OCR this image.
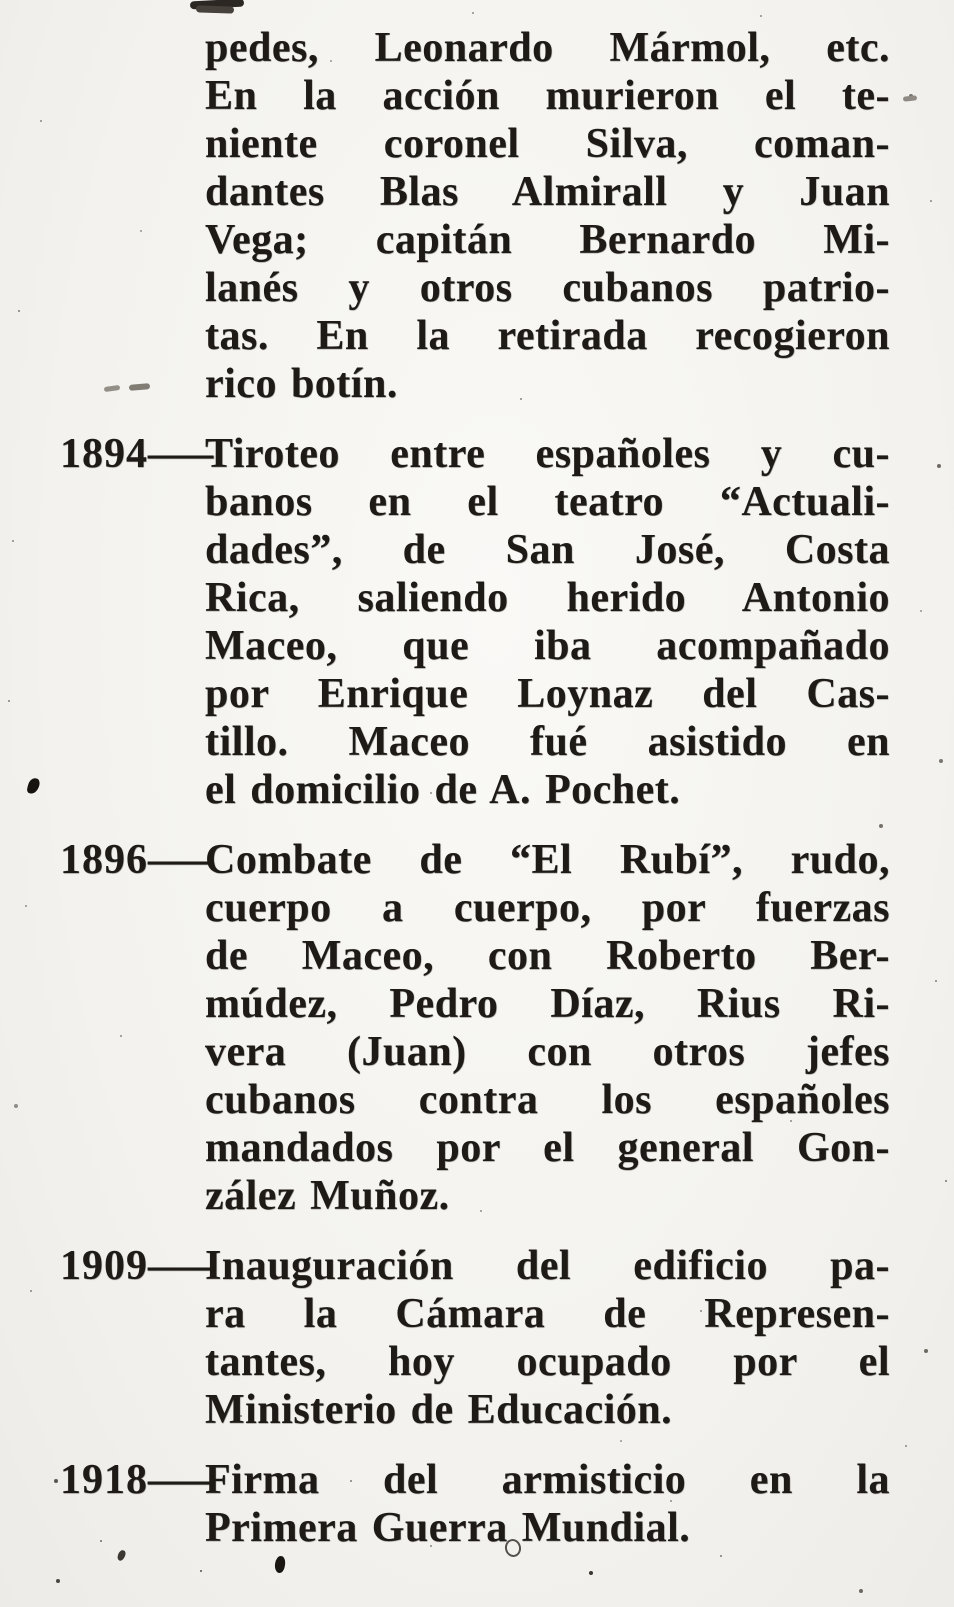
pedes, Leonardo Mármol, etc.
En la acción murieron el te-
niente coronel Silva, coman-
dantes Blas Almirall y Juan
Vega; capitán Bernardo Mi-
lanés y otros cubanos patrio-
tas. En la retirada recogieron
rico botín.
1894—
Tiroteo entre españoles y cu-
banos en el teatro “Actuali-
dades”, de San José, Costa
Rica, saliendo herido Antonio
Maceo, que iba acompañado
por Enrique Loynaz del Cas-
tillo. Maceo fué asistido en
el domicilio de A. Pochet.
1896—
Combate de “El Rubí”, rudo,
cuerpo a cuerpo, por fuerzas
de Maceo, con Roberto Ber-
múdez, Pedro Díaz, Rius Ri-
vera (Juan) con otros jefes
cubanos contra los españoles
mandados por el general Gon-
zález Muñoz.
1909—
Inauguración del edificio pa-
ra la Cámara de Represen-
tantes, hoy ocupado por el
Ministerio de Educación.
1918—
Firma del armisticio en la
Primera Guerra Mundial.
